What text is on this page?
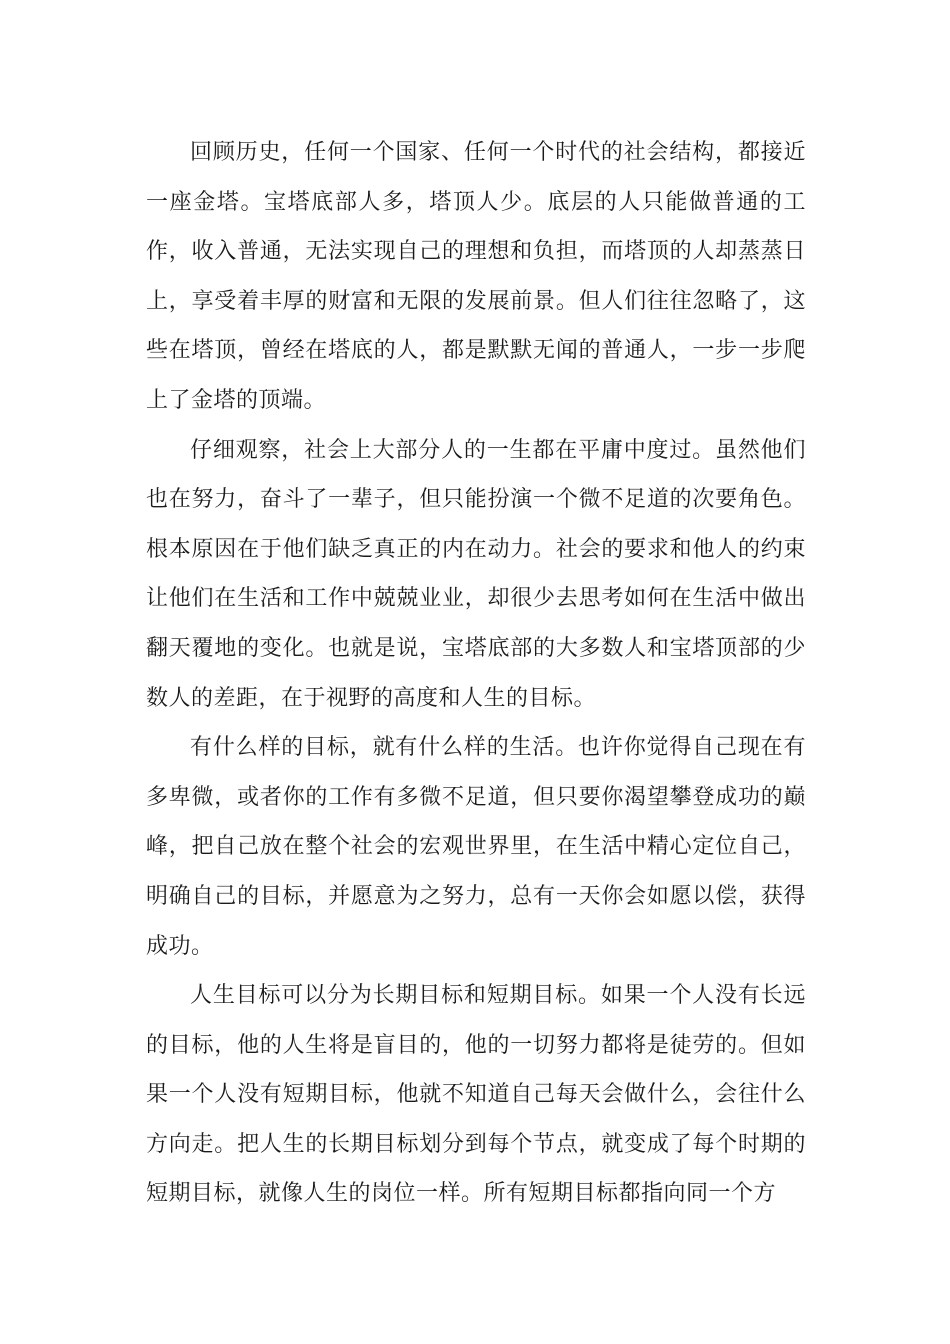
回顾历史，任何一个国家、任何一个时代的社会结构，都接近一座金塔。宝塔底部人多，塔顶人少。底层的人只能做普通的工作，收入普通，无法实现自己的理想和负担，而塔顶的人却蒸蒸日上，享受着丰厚的财富和无限的发展前景。但人们往往忽略了，这些在塔顶，曾经在塔底的人，都是默默无闻的普通人，一步一步爬上了金塔的顶端。

仔细观察，社会上大部分人的一生都在平庸中度过。虽然他们也在努力，奋斗了一辈子，但只能扮演一个微不足道的次要角色。根本原因在于他们缺乏真正的内在动力。社会的要求和他人的约束让他们在生活和工作中兢兢业业，却很少去思考如何在生活中做出翻天覆地的变化。也就是说，宝塔底部的大多数人和宝塔顶部的少数人的差距，在于视野的高度和人生的目标。

有什么样的目标，就有什么样的生活。也许你觉得自己现在有多卑微，或者你的工作有多微不足道，但只要你渴望攀登成功的巅峰，把自己放在整个社会的宏观世界里，在生活中精心定位自己，明确自己的目标，并愿意为之努力，总有一天你会如愿以偿，获得成功。

人生目标可以分为长期目标和短期目标。如果一个人没有长远的目标，他的人生将是盲目的，他的一切努力都将是徒劳的。但如果一个人没有短期目标，他就不知道自己每天会做什么，会往什么方向走。把人生的长期目标划分到每个节点，就变成了每个时期的短期目标，就像人生的岗位一样。所有短期目标都指向同一个方
